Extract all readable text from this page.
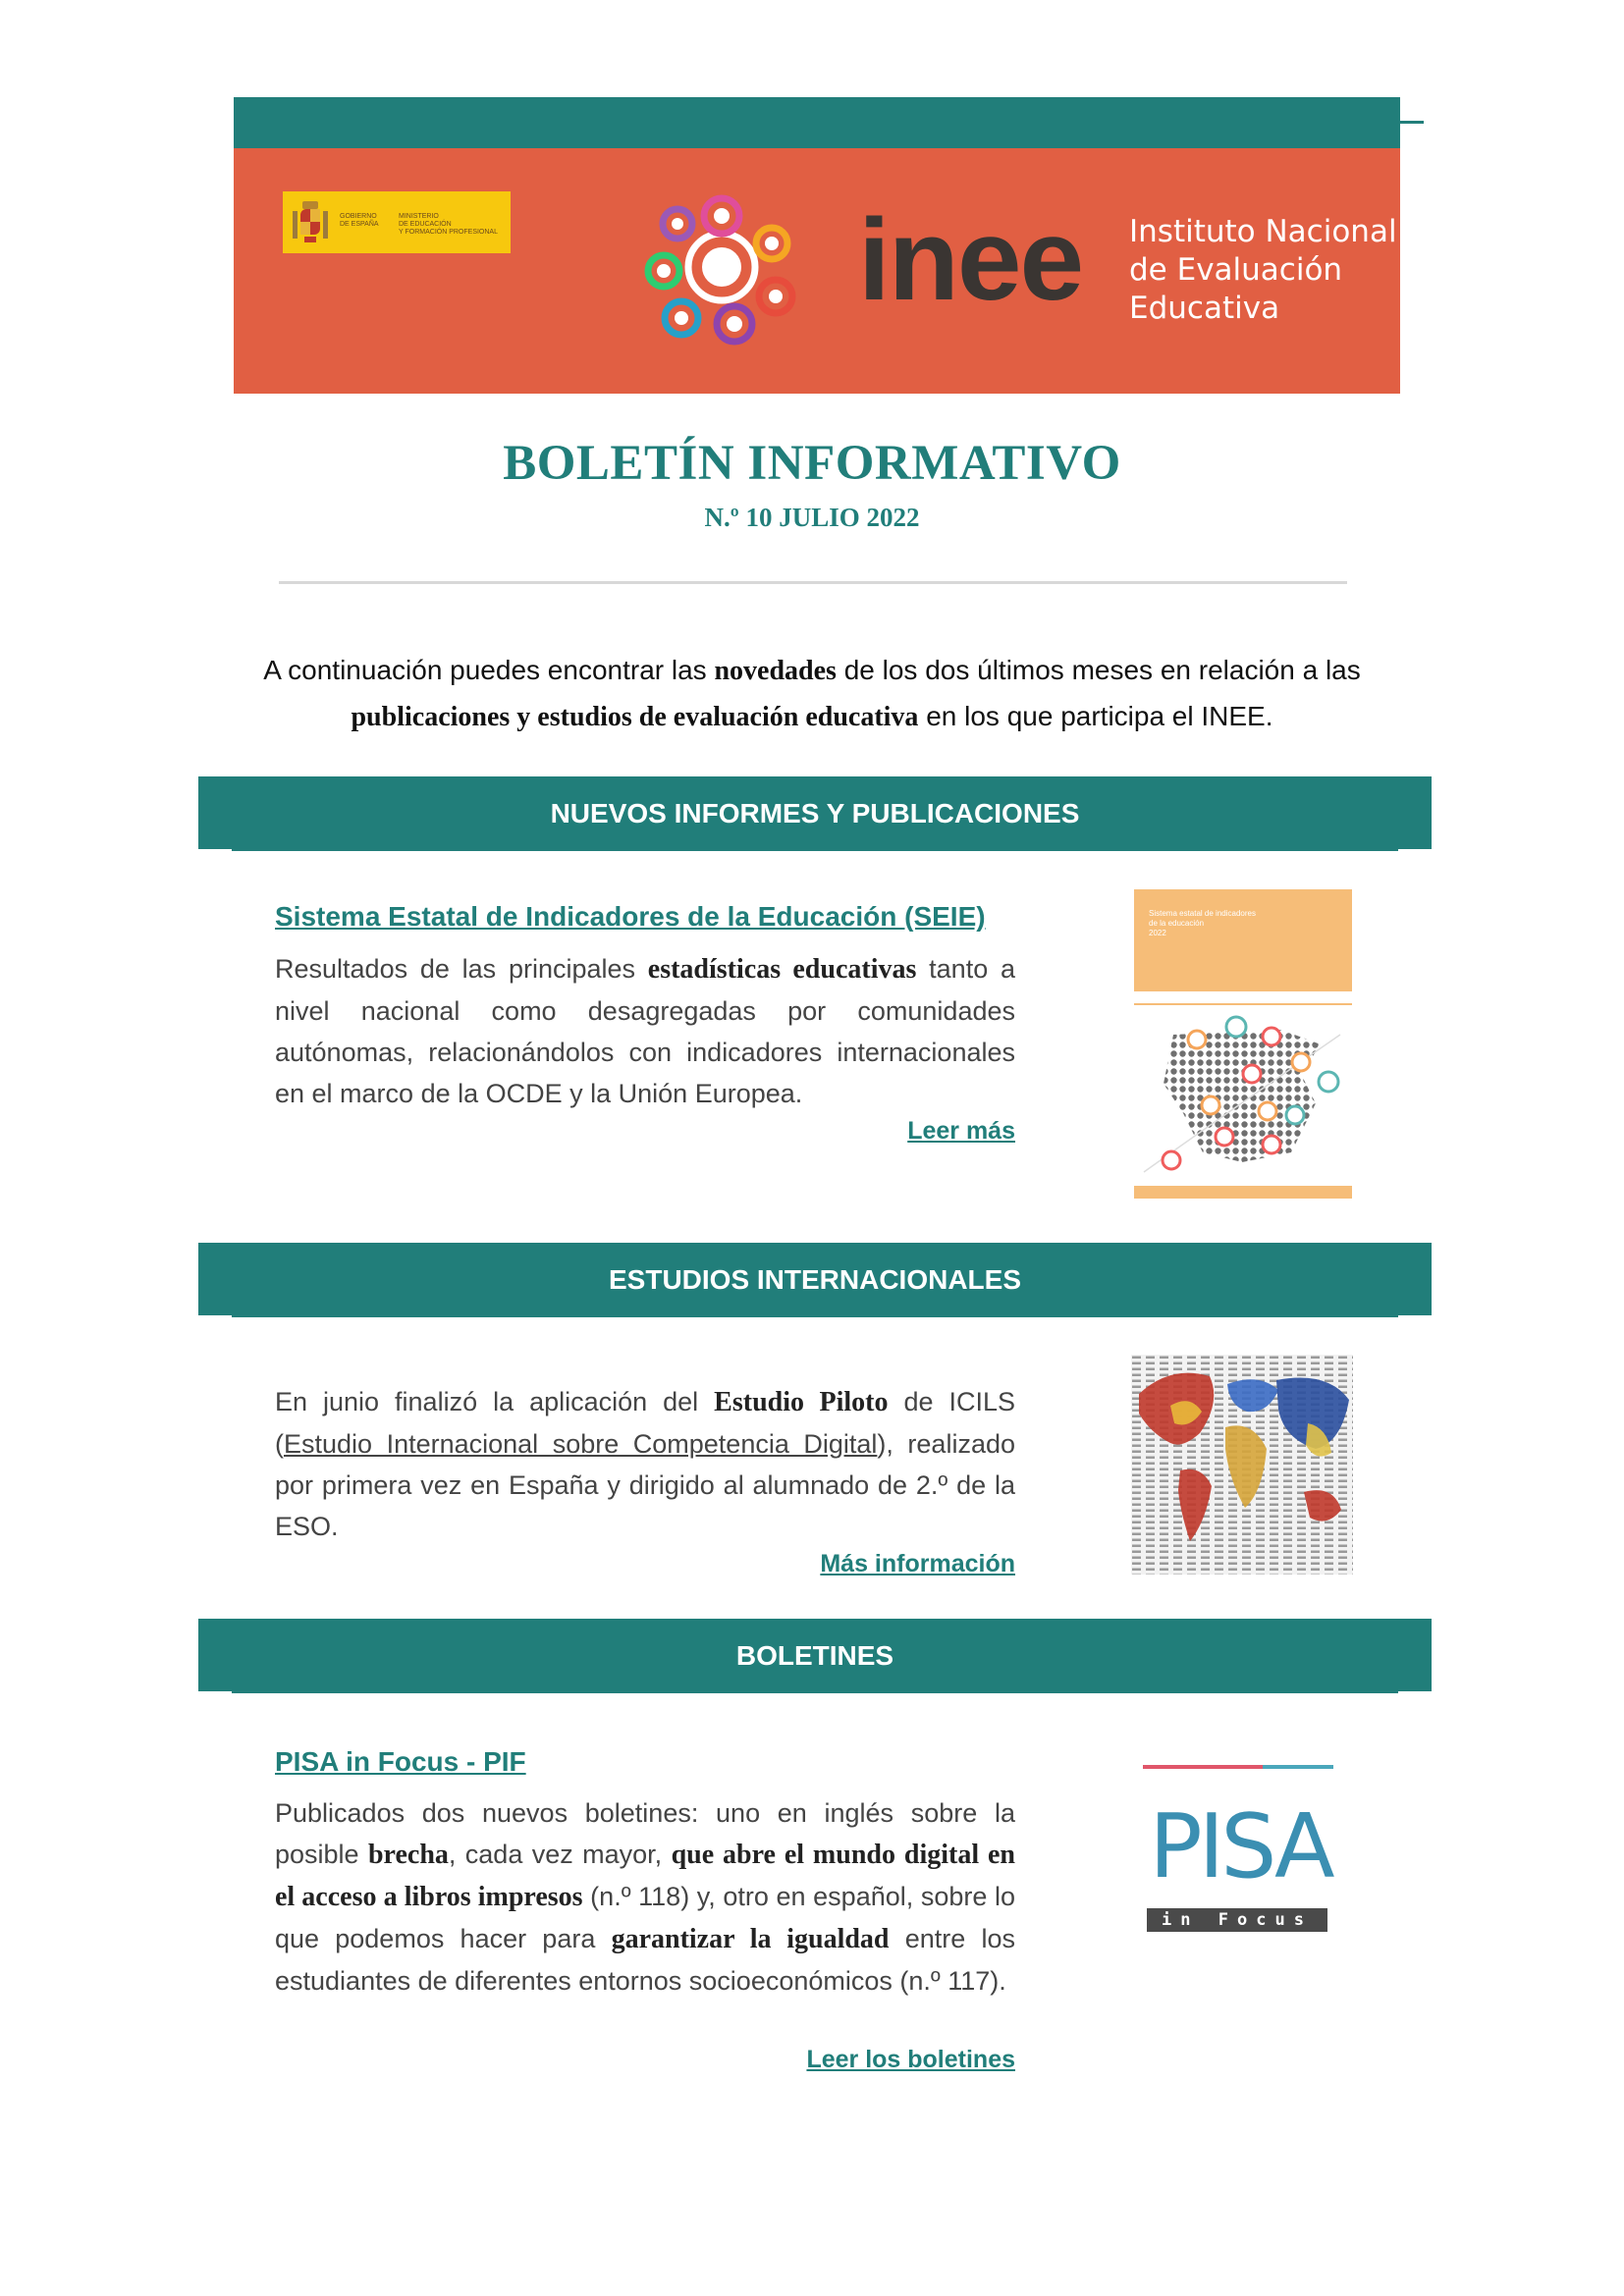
GOBIERNO
DE ESPAÑA
MINISTERIO
DE EDUCACIÓN
Y FORMACIÓN PROFESIONAL	inee Instituto Nacional
de Evaluación
Educativa
BOLETÍN INFORMATIVO
N.º 10 JULIO 2022
A continuación puedes encontrar las novedades de los dos últimos meses en relación a las
publicaciones y estudios de evaluación educativa en los que participa el INEE.
NUEVOS INFORMES Y PUBLICACIONES
Sistema Estatal de Indicadores de la Educación (SEIE)
Resultados de las principales estadísticas educativas tanto a nivel nacional como desagregadas por comunidades autónomas, relacionándolos con indicadores internacionales en el marco de la OCDE y la Unión Europea.
Leer más
Sistema estatal de indicadores
de la educación
2022
ESTUDIOS INTERNACIONALES
En junio finalizó la aplicación del Estudio Piloto de ICILS (Estudio Internacional sobre Competencia Digital), realizado por primera vez en España y dirigido al alumnado de 2.º de la ESO.
Más información
BOLETINES
PISA in Focus - PIF
Publicados dos nuevos boletines: uno en inglés sobre la posible brecha, cada vez mayor, que abre el mundo digital en el acceso a libros impresos (n.º 118) y, otro en español, sobre lo que podemos hacer para garantizar la igualdad entre los estudiantes de diferentes entornos socioeconómicos (n.º 117).
Leer los boletines
PISA
in Focus
